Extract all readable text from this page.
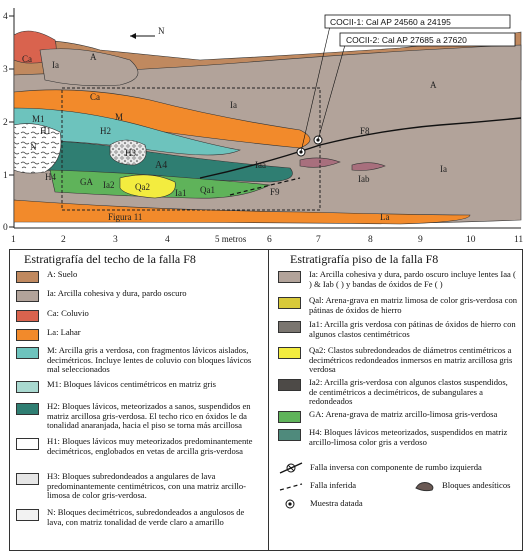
0
1
2
3
4
1	2	3	4	5 metros 6	7	8	9	10	11
COCII-1: Cal AP 24560 a 24195
COCII-2: Cal AP 27685 a 27620
N
A
A
Ca
Ca
Ia
Ia
Ia
M1
H1	H2
H3
M
N
H4	GA Ia2 Qa2
Ia1 Qa1
Iaa
Iab
F8
F9
La
A4
Figura 11
Estratigrafía del techo de la falla F8
A: Suelo
Ia: Arcilla cohesiva y dura, pardo oscuro
Ca: Coluvio
La: Lahar
M: Arcilla gris a verdosa, con fragmentos lávicos aislados, decimétricos. Incluye lentes de coluvio con bloques lávicos mal seleccionados
M1: Bloques lávicos centimétricos en matriz gris
H2: Bloques lávicos, meteorizados a sanos, suspendidos en matriz arcillosa gris-verdosa. El techo rico en óxidos le da tonalidad anaranjada, hacia el piso se torna más arcillosa
H1: Bloques lávicos muy meteorizados predominantemente decimétricos, englobados en vetas de arcilla gris-verdosa
H3: Bloques subredondeados a angulares de lava predominantemente centimétricos, con una matriz arcillo-limosa de color gris-verdosa.
N: Bloques decimétricos, subredondeados a angulosos de lava, con matriz tonalidad de verde claro a amarillo
Estratigrafía piso de la falla F8
Ia: Arcilla cohesiva y dura, pardo oscuro incluye lentes Iaa ( ) & Iab ( ) y bandas de óxidos de Fe ( )
Qal: Arena-grava en matriz limosa de color gris-verdosa con pátinas de óxidos de hierro
Ia1: Arcilla gris verdosa con pátinas de óxidos de hierro con algunos clastos centimétricos
Qa2: Clastos subredondeados de diámetros centimétricos a decimétricos redondeados inmersos en matriz arcillosa gris verdosa
Ia2: Arcilla gris-verdosa con algunos clastos suspendidos, de centimétricos a decimétricos, de subangulares a redondeados
GA: Arena-grava de matriz arcillo-limosa gris-verdosa
H4: Bloques lávicos meteorizados, suspendidos en matriz arcillo-limosa color gris a verdoso
Falla inversa con componente de rumbo izquierda
Falla inferida	Bloques andesíticos
Muestra datada
